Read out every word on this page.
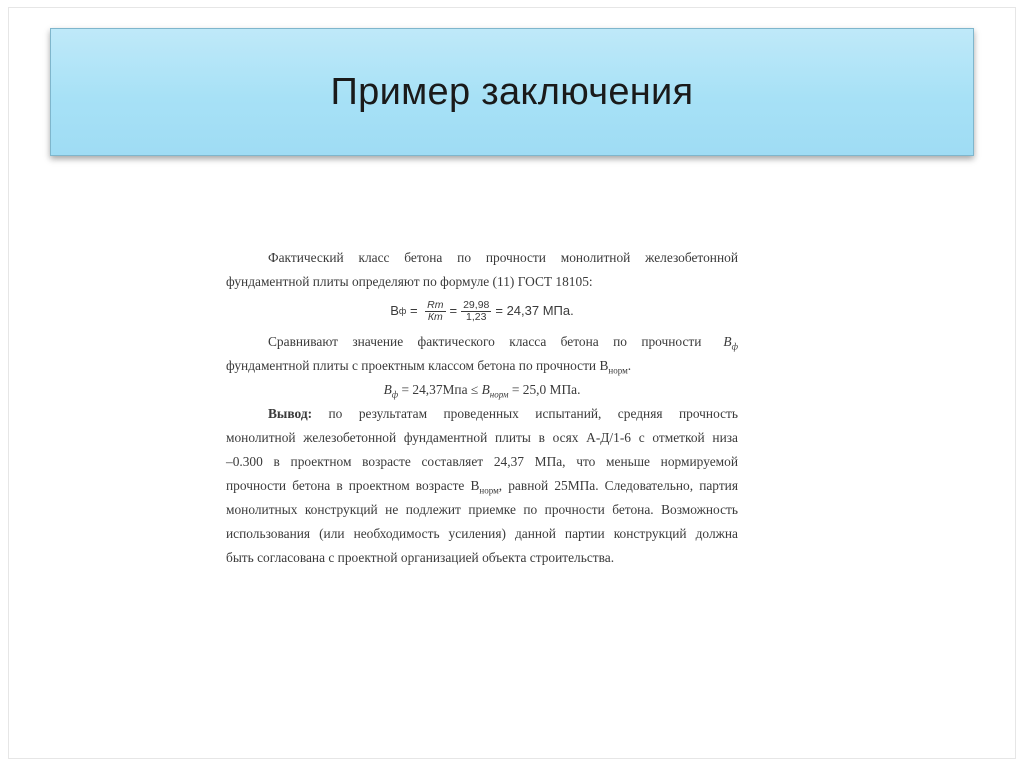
Пример заключения
Фактический класс бетона по прочности монолитной железобетонной
фундаментной плиты определяют по формуле (11) ГОСТ 18105:
В $ф = \frac{Rm}{Кт} = \frac{29,98}{1,23} = 24,37$ МПа.
Сравнивают значение фактического класса бетона по прочности $В_ф$
фундаментной плиты с проектным классом бетона по прочности $В_{норм}$.
$В_ф = 24,37Мпа \le В_{норм} = 25,0$ МПа.
Вывод: по результатам проведенных испытаний, средняя прочность
монолитной железобетонной фундаментной плиты в осях А-Д/1-6 с отметкой низа
–0.300 в проектном возрасте составляет 24,37 МПа, что меньше нормируемой
прочности бетона в проектном возрасте $В_{норм}$, равной 25МПа. Следовательно, партия
монолитных конструкций не подлежит приемке по прочности бетона. Возможность
использования (или необходимость усиления) данной партии конструкций должна
быть согласована с проектной организацией объекта строительства.
